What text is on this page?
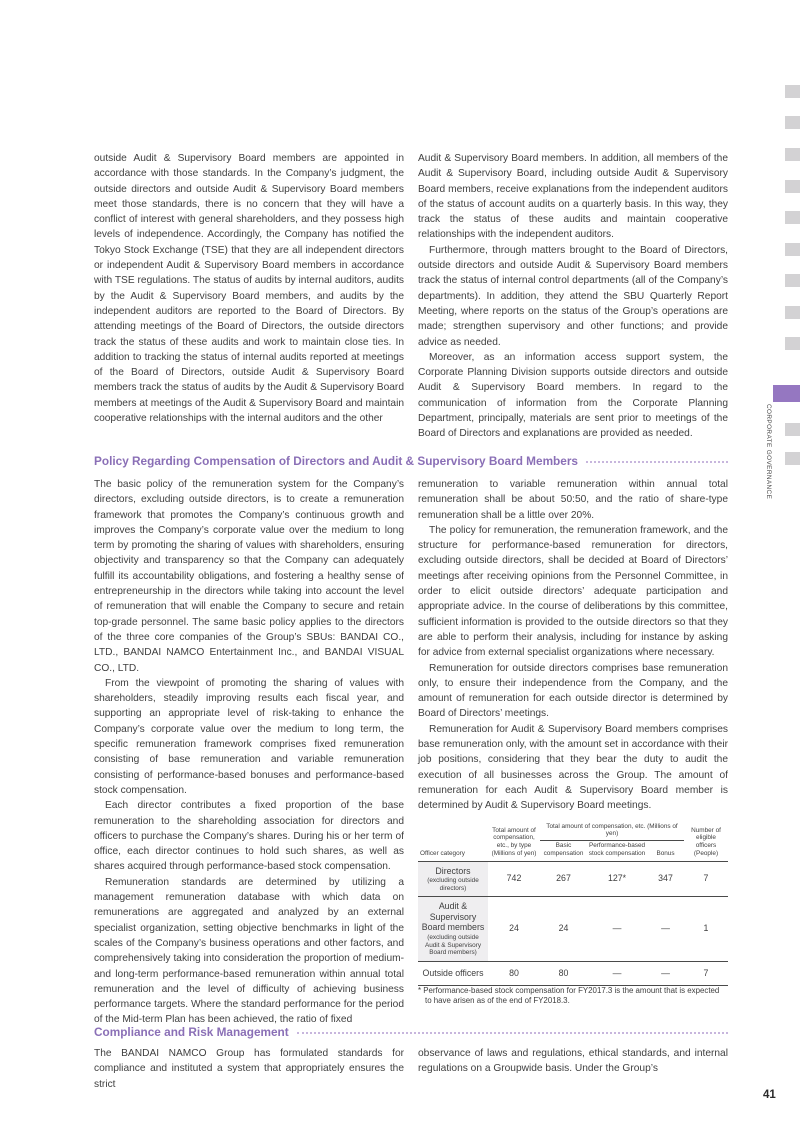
outside Audit & Supervisory Board members are appointed in accordance with those standards. In the Company’s judgment, the outside directors and outside Audit & Supervisory Board members meet those standards, there is no concern that they will have a conflict of interest with general shareholders, and they possess high levels of independence. Accordingly, the Company has notified the Tokyo Stock Exchange (TSE) that they are all independent directors or independent Audit & Supervisory Board members in accordance with TSE regulations. The status of audits by internal auditors, audits by the Audit & Supervisory Board members, and audits by the independent auditors are reported to the Board of Directors. By attending meetings of the Board of Directors, the outside directors track the status of these audits and work to maintain close ties. In addition to tracking the status of internal audits reported at meetings of the Board of Directors, outside Audit & Supervisory Board members track the status of audits by the Audit & Supervisory Board members at meetings of the Audit & Supervisory Board and maintain cooperative relationships with the internal auditors and the other

Audit & Supervisory Board members. In addition, all members of the Audit & Supervisory Board, including outside Audit & Supervisory Board members, receive explanations from the independent auditors of the status of account audits on a quarterly basis. In this way, they track the status of these audits and maintain cooperative relationships with the independent auditors.

Furthermore, through matters brought to the Board of Directors, outside directors and outside Audit & Supervisory Board members track the status of internal control departments (all of the Company’s departments). In addition, they attend the SBU Quarterly Report Meeting, where reports on the status of the Group’s operations are made; strengthen supervisory and other functions; and provide advice as needed.

Moreover, as an information access support system, the Corporate Planning Division supports outside directors and outside Audit & Supervisory Board members. In regard to the communication of information from the Corporate Planning Department, principally, materials are sent prior to meetings of the Board of Directors and explanations are provided as needed.

Policy Regarding Compensation of Directors and Audit & Supervisory Board Members

The basic policy of the remuneration system for the Company’s directors, excluding outside directors, is to create a remuneration framework that promotes the Company’s continuous growth and improves the Company’s corporate value over the medium to long term by promoting the sharing of values with shareholders, ensuring objectivity and transparency so that the Company can adequately fulfill its accountability obligations, and fostering a healthy sense of entrepreneurship in the directors while taking into account the level of remuneration that will enable the Company to secure and retain top-grade personnel. The same basic policy applies to the directors of the three core companies of the Group’s SBUs: BANDAI CO., LTD., BANDAI NAMCO Entertainment Inc., and BANDAI VISUAL CO., LTD.

From the viewpoint of promoting the sharing of values with shareholders, steadily improving results each fiscal year, and supporting an appropriate level of risk-taking to enhance the Company’s corporate value over the medium to long term, the specific remuneration framework comprises fixed remuneration consisting of base remuneration and variable remuneration consisting of performance-based bonuses and performance-based stock compensation.

Each director contributes a fixed proportion of the base remuneration to the shareholding association for directors and officers to purchase the Company’s shares. During his or her term of office, each director continues to hold such shares, as well as shares acquired through performance-based stock compensation.

Remuneration standards are determined by utilizing a management remuneration database with which data on remunerations are aggregated and analyzed by an external specialist organization, setting objective benchmarks in light of the scales of the Company’s business operations and other factors, and comprehensively taking into consideration the proportion of medium- and long-term performance-based remuneration within annual total remuneration and the level of difficulty of achieving business performance targets. Where the standard performance for the period of the Mid-term Plan has been achieved, the ratio of fixed

remuneration to variable remuneration within annual total remuneration shall be about 50:50, and the ratio of share-type remuneration shall be a little over 20%.

The policy for remuneration, the remuneration framework, and the structure for performance-based remuneration for directors, excluding outside directors, shall be decided at Board of Directors’ meetings after receiving opinions from the Personnel Committee, in order to elicit outside directors’ adequate participation and appropriate advice. In the course of deliberations by this committee, sufficient information is provided to the outside directors so that they are able to perform their analysis, including for instance by asking for advice from external specialist organizations where necessary.

Remuneration for outside directors comprises base remuneration only, to ensure their independence from the Company, and the amount of remuneration for each outside director is determined by Board of Directors’ meetings.

Remuneration for Audit & Supervisory Board members comprises base remuneration only, with the amount set in accordance with their job positions, considering that they bear the duty to audit the execution of all businesses across the Group. The amount of remuneration for each Audit & Supervisory Board member is determined by Audit & Supervisory Board meetings.

Officer category	Total amount of compensation, etc., by type (Millions of yen)	Total amount of compensation, etc. (Millions of yen)			Number of eligible officers (People)
		Basic compensation	Performance-based stock compensation	Bonus	

Directors
(excluding outside directors)	742	267	127*	347	7

Audit & Supervisory Board members
(excluding outside Audit & Supervisory Board members)	24	24	—	—	1

Outside officers	80	80	—	—	7

* Performance-based stock compensation for FY2017.3 is the amount that is expected to have arisen as of the end of FY2018.3.

Compliance and Risk Management

The BANDAI NAMCO Group has formulated standards for compliance and instituted a system that appropriately ensures the strict

observance of laws and regulations, ethical standards, and internal regulations on a Groupwide basis. Under the Group’s

CORPORATE GOVERNANCE
41
